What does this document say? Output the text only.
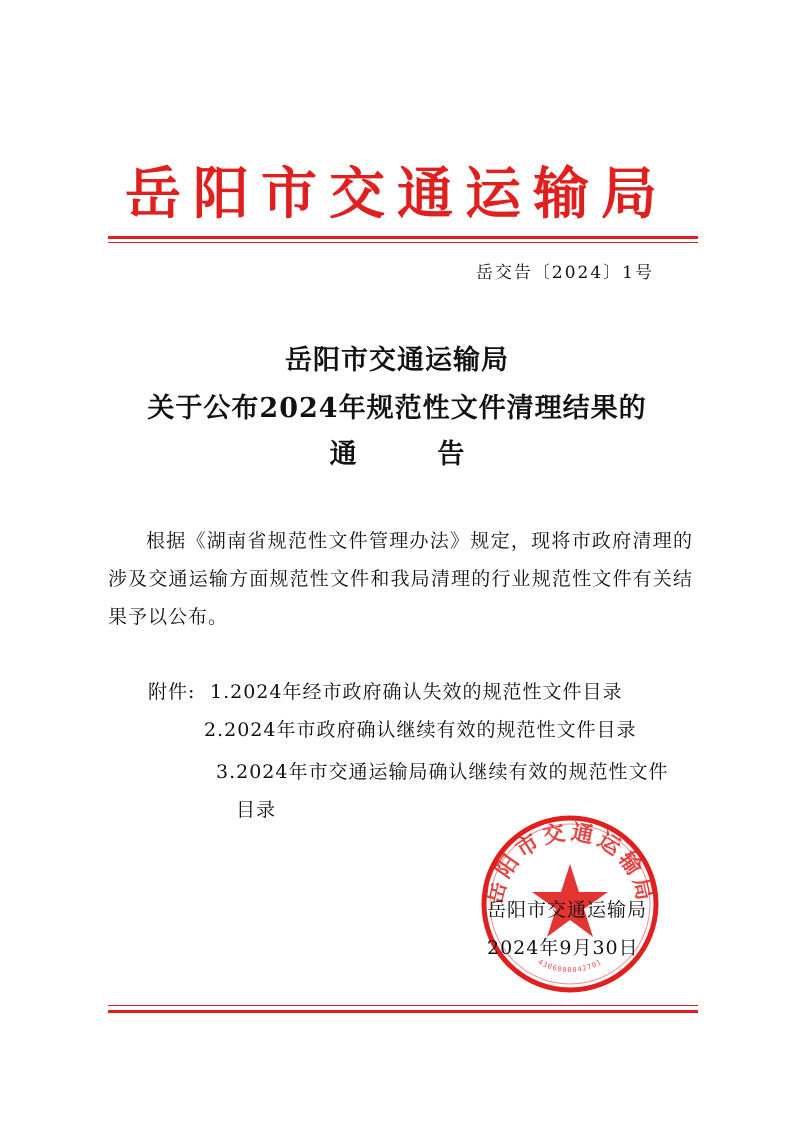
岳阳市交通运输局
岳交告〔2024〕1号
岳阳市交通运输局
关于公布2024年规范性文件清理结果的
通	告
根据《湖南省规范性文件管理办法》规定，现将市政府清理的涉及交通运输方面规范性文件和我局清理的行业规范性文件有关结果予以公布。
附件: 1.2024年经市政府确认失效的规范性文件目录
2.2024年市政府确认继续有效的规范性文件目录
3.2024年市交通运输局确认继续有效的规范性文件
目录
岳阳市交通运输局
4306000042701
岳阳市交通运输局
2024年9月30日
